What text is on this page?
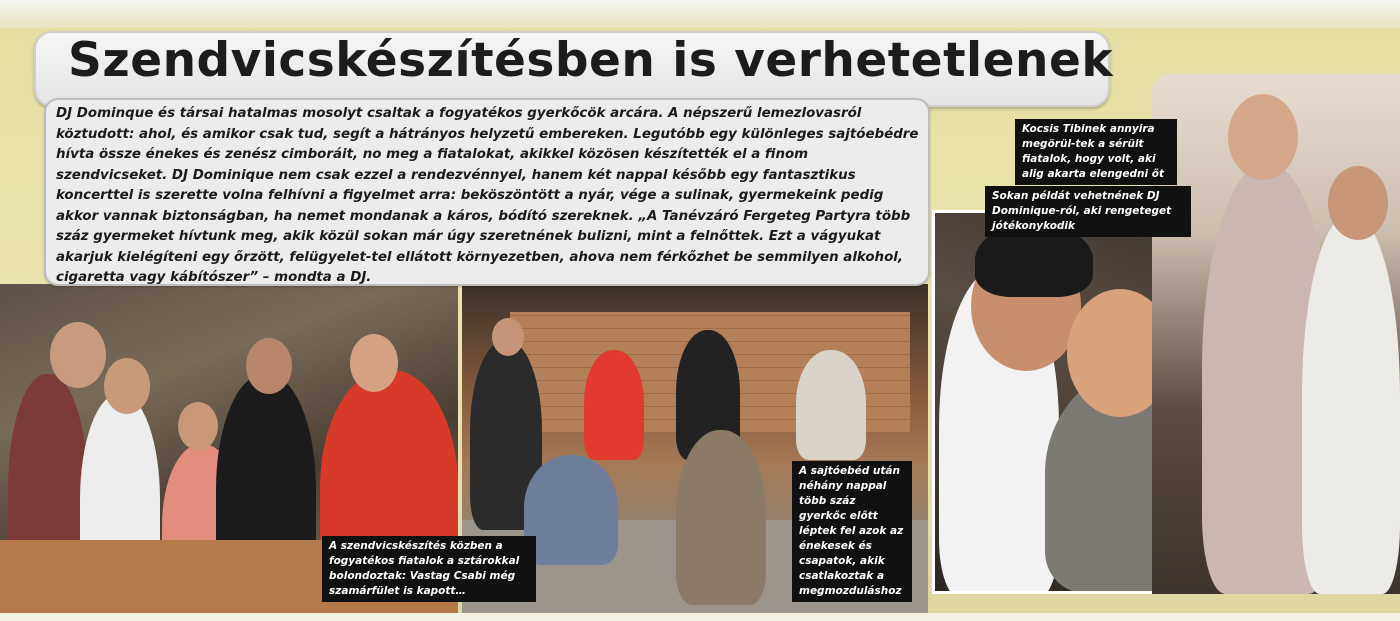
Szendvicskészítésben is verhetetlenek

DJ Dominque és társai hatalmas mosolyt csaltak a fogyatékos gyerkőcök arcára. A népszerű lemezlovasról köztudott: ahol, és amikor csak tud, segít a hátrányos helyzetű embereken. Legutóbb egy különleges sajtóebédre hívta össze énekes és zenész cimboráit, no meg a fiatalokat, akikkel közösen készítették el a finom szendvicseket. DJ Dominique nem csak ezzel a rendezvénnyel, hanem két nappal később egy fantasztikus koncerttel is szerette volna felhívni a figyelmet arra: beköszöntött a nyár, vége a sulinak, gyermekeink pedig akkor vannak biztonságban, ha nemet mondanak a káros, bódító szereknek. „A Tanévzáró Fergeteg Partyra több száz gyermeket hívtunk meg, akik közül sokan már úgy szeretnének bulizni, mint a felnőttek. Ezt a vágyukat akarjuk kielégíteni egy őrzött, felügyelet-tel ellátott környezetben, ahova nem férkőzhet be semmilyen alkohol, cigaretta vagy kábítószer” – mondta a DJ.

A szendvicskészítés közben a fogyatékos fiatalok a sztárokkal bolondoztak: Vastag Csabi még szamárfület is kapott…
A sajtóebéd után néhány nappal több száz gyerkőc előtt léptek fel azok az énekesek és csapatok, akik csatlakoztak a megmozduláshoz
Kocsis Tibinek annyira megörül-tek a sérült fiatalok, hogy volt, aki alig akarta elengedni őt
Sokan példát vehetnének DJ Dominique-ról, aki rengeteget jótékonykodik
